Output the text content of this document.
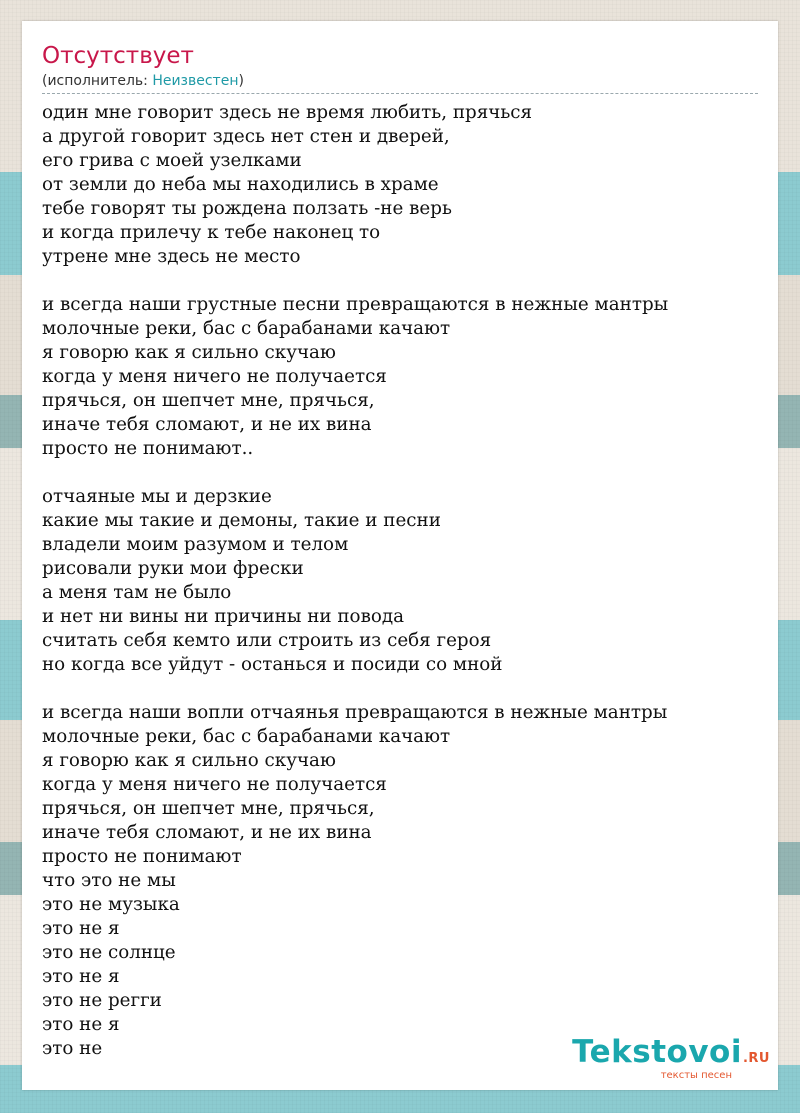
Отсутствует
(исполнитель: Неизвестен)
один мне говорит здесь не время любить, прячься
а другой говорит здесь нет стен и дверей,
его грива с моей узелками
от земли до неба мы находились в храме
тебе говорят ты рождена ползать -не верь
и когда прилечу к тебе наконец то
утрене мне здесь не место
и всегда наши грустные песни превращаются в нежные мантры
молочные реки, бас с барабанами качают
я говорю как я сильно скучаю
когда у меня ничего не получается
прячься, он шепчет мне, прячься,
иначе тебя сломают, и не их вина
просто не понимают..
отчаяные мы и дерзкие
какие мы такие и демоны, такие и песни
владели моим разумом и телом
рисовали руки мои фрески
а меня там не было
и нет ни вины ни причины ни повода
считать себя кемто или строить из себя героя
но когда все уйдут - останься и посиди со мной
и всегда наши вопли отчаянья превращаются в нежные мантры
молочные реки, бас с барабанами качают
я говорю как я сильно скучаю
когда у меня ничего не получается
прячься, он шепчет мне, прячься,
иначе тебя сломают, и не их вина
просто не понимают
что это не мы
это не музыка
это не я
это не солнце
это не я
это не регги
это не я
это не	Tekstovoi.RU
тексты песен
